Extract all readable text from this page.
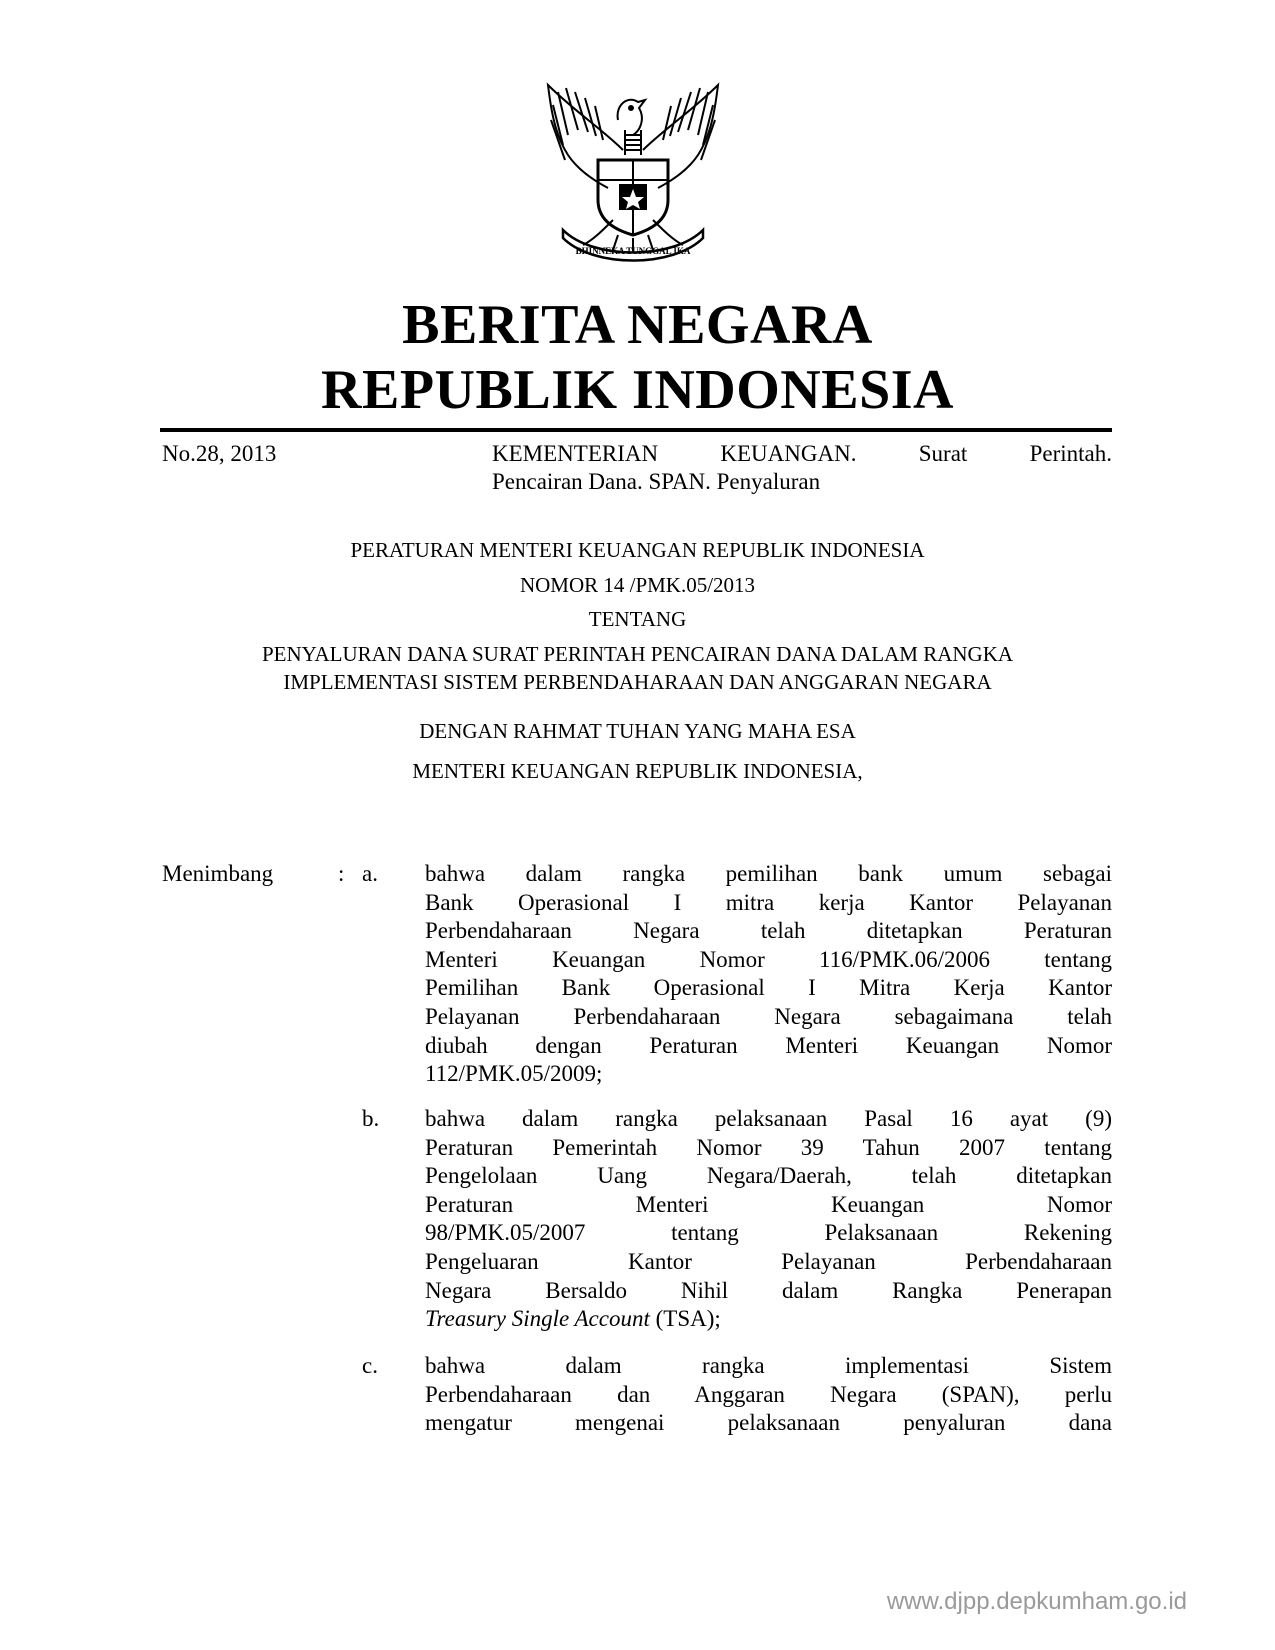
BHINNEKA TUNGGAL IKA
BERITA NEGARA
REPUBLIK INDONESIA
No.28, 2013	KEMENTERIAN KEUANGAN. Surat Perintah.
Pencairan Dana. SPAN. Penyaluran
PERATURAN MENTERI KEUANGAN REPUBLIK INDONESIA
NOMOR 14 /PMK.05/2013
TENTANG
PENYALURAN DANA SURAT PERINTAH PENCAIRAN DANA DALAM RANGKA
IMPLEMENTASI SISTEM PERBENDAHARAAN DAN ANGGARAN NEGARA
DENGAN RAHMAT TUHAN YANG MAHA ESA
MENTERI KEUANGAN REPUBLIK INDONESIA,
Menimbang	: a. bahwa dalam rangka pemilihan bank umum sebagai
Bank Operasional I mitra kerja Kantor Pelayanan
Perbendaharaan Negara telah ditetapkan Peraturan
Menteri Keuangan Nomor 116/PMK.06/2006 tentang
Pemilihan Bank Operasional I Mitra Kerja Kantor
Pelayanan Perbendaharaan Negara sebagaimana telah
diubah dengan Peraturan Menteri Keuangan Nomor
112/PMK.05/2009;
b. bahwa dalam rangka pelaksanaan Pasal 16 ayat (9)
Peraturan Pemerintah Nomor 39 Tahun 2007 tentang
Pengelolaan Uang Negara/Daerah, telah ditetapkan
Peraturan Menteri Keuangan Nomor
98/PMK.05/2007 tentang Pelaksanaan Rekening
Pengeluaran Kantor Pelayanan Perbendaharaan
Negara Bersaldo Nihil dalam Rangka Penerapan
Treasury Single Account (TSA);
c. bahwa dalam rangka implementasi Sistem
Perbendaharaan dan Anggaran Negara (SPAN), perlu
mengatur mengenai pelaksanaan penyaluran dana
www.djpp.depkumham.go.id
